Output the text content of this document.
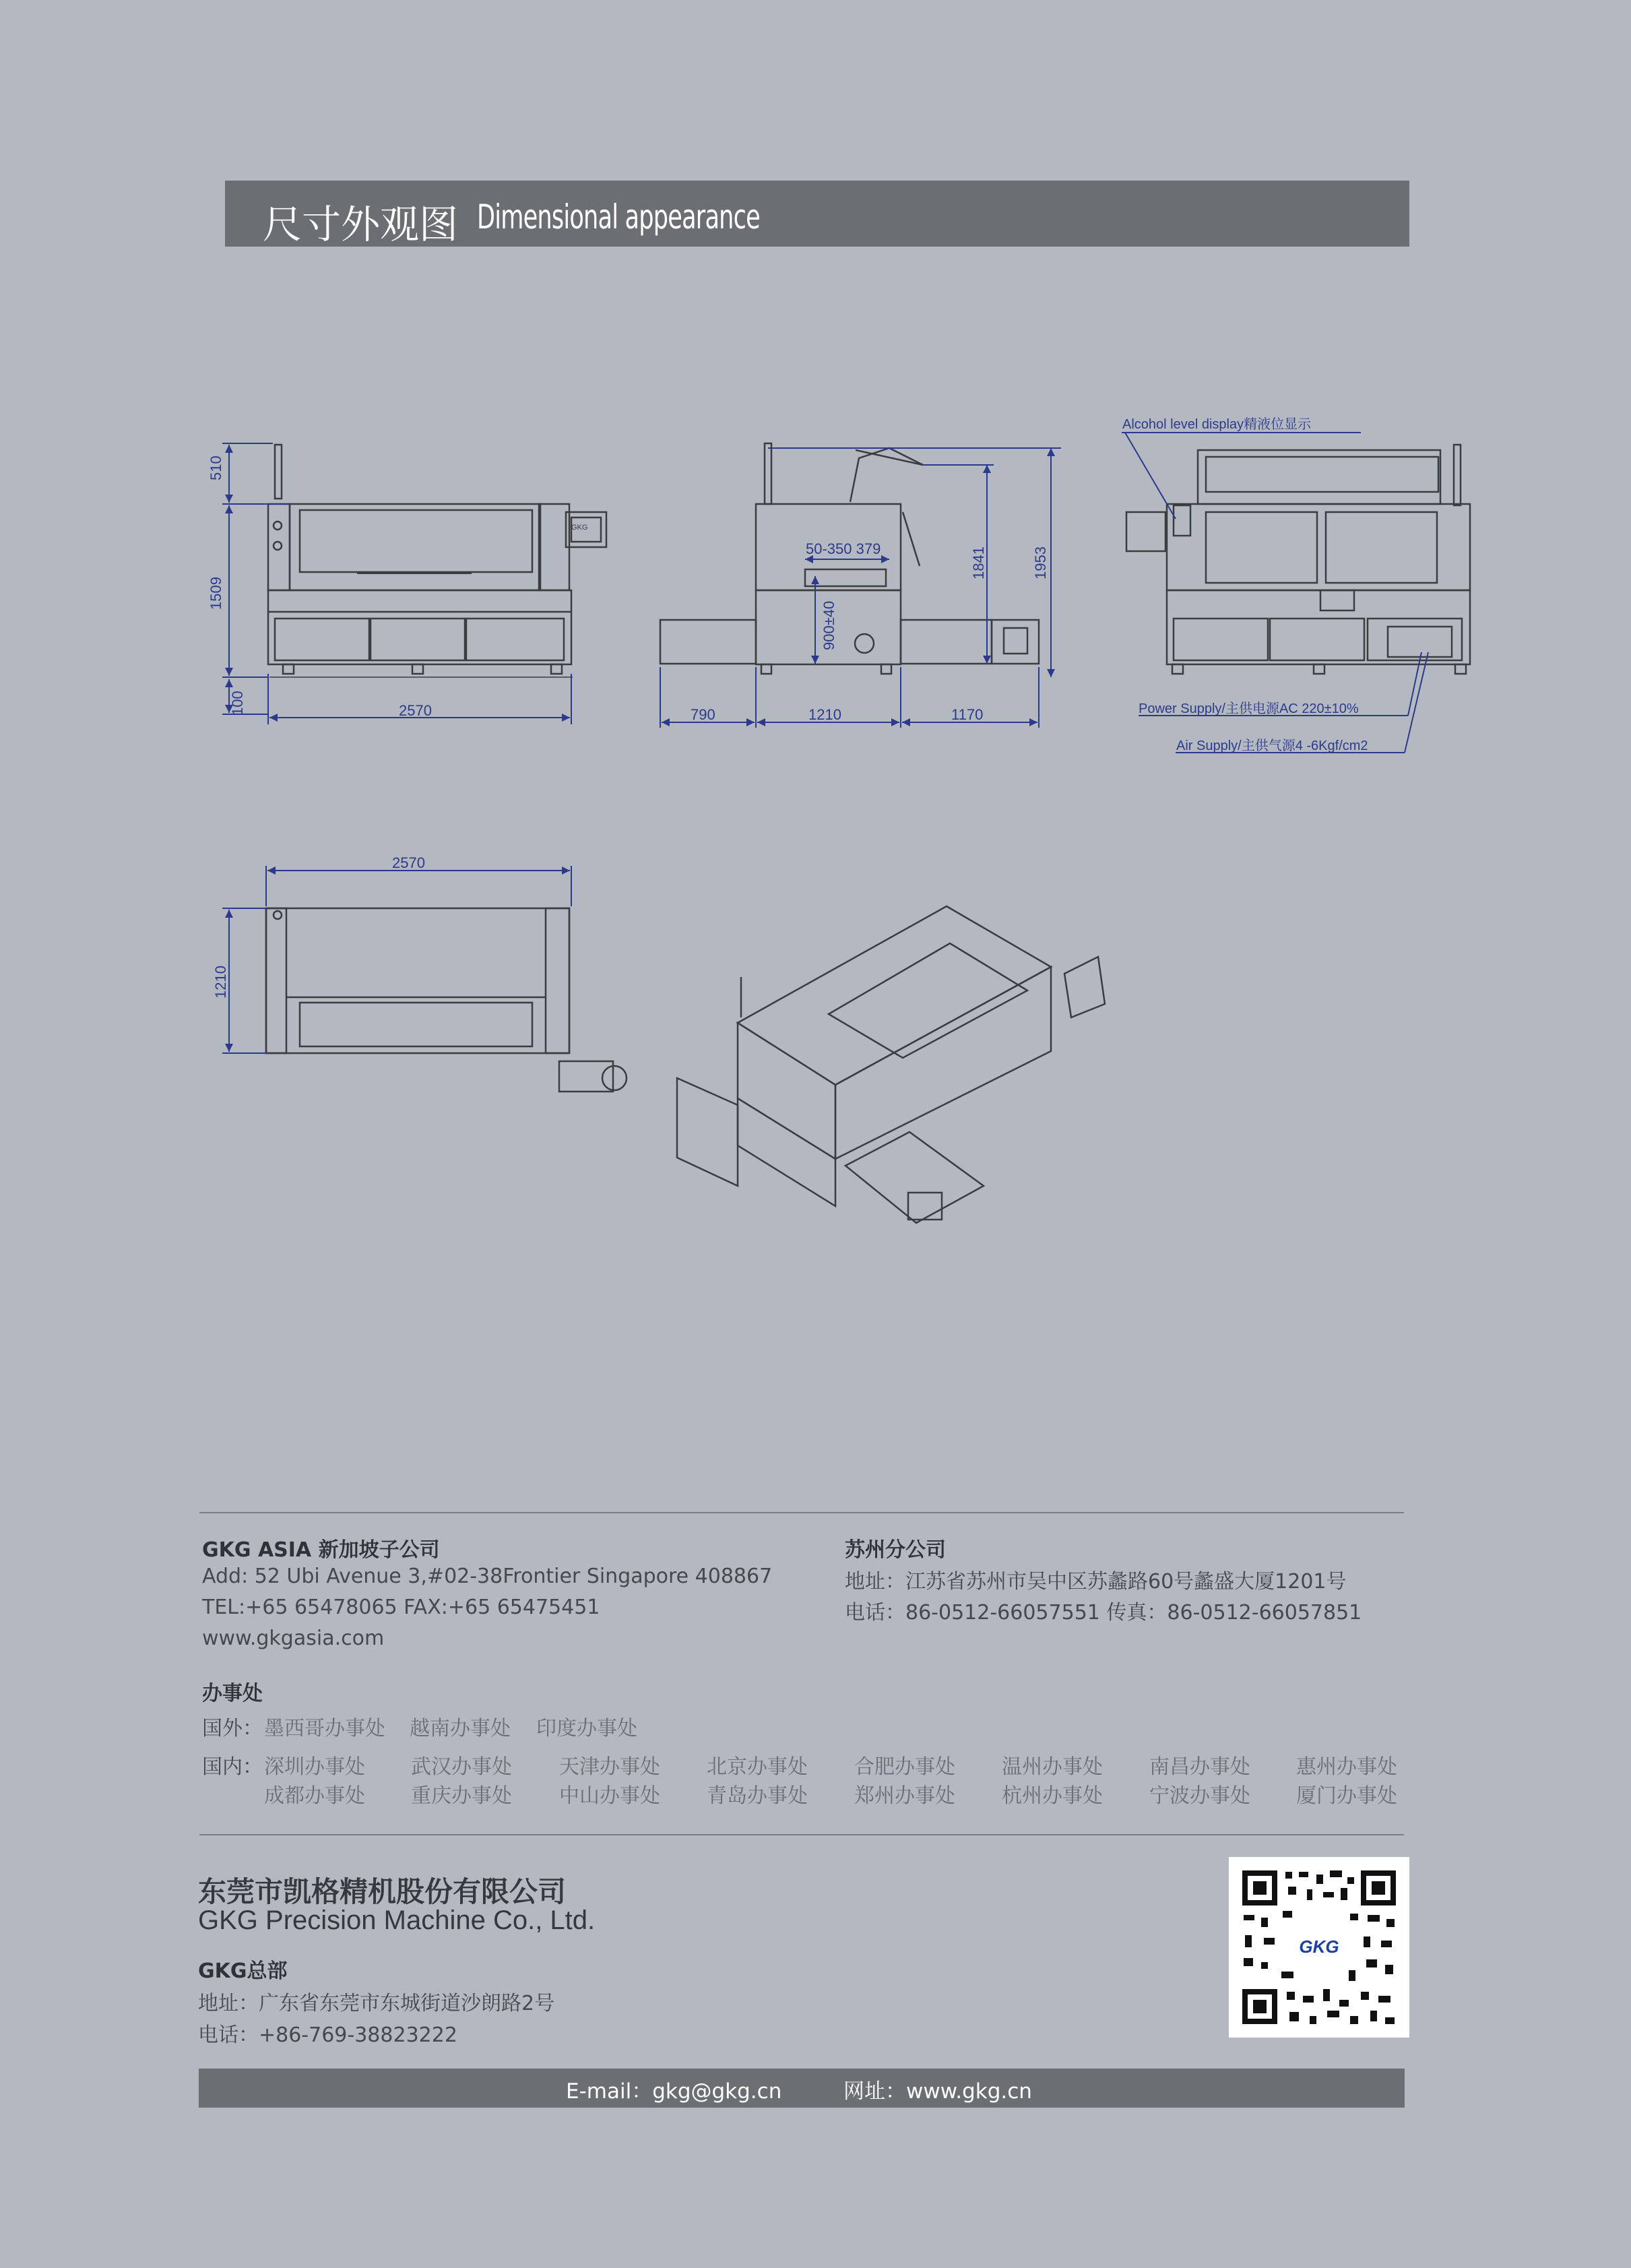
尺寸外观图 Dimensional appearance
510
1509
100	2570
50-350 379
900±40
1841	1953
790	1210	1170
Alcohol level display精液位显示
Power Supply/主供电源AC 220±10%
Air Supply/主供气源4 -6Kgf/cm2
2570
1210
GKG
GKG ASIA 新加坡子公司
Add: 52 Ubi Avenue 3,#02-38Frontier Singapore 408867
TEL:+65 65478065 FAX:+65 65475451
www.gkgasia.com
苏州分公司
地址：江苏省苏州市吴中区苏蠡路60号蠡盛大厦1201号
电话：86-0512-66057551 传真：86-0512-66057851
办事处
国外： 墨西哥办事处 越南办事处 印度办事处
国内： 深圳办事处 武汉办事处 天津办事处 北京办事处 合肥办事处 温州办事处 南昌办事处 惠州办事处
成都办事处 重庆办事处 中山办事处 青岛办事处 郑州办事处 杭州办事处 宁波办事处 厦门办事处
东莞市凯格精机股份有限公司
GKG Precision Machine Co., Ltd.
GKG总部
地址：广东省东莞市东城街道沙朗路2号
电话：+86-769-38823222
GKG
E-mail：gkg@gkg.cn	网址：www.gkg.cn
